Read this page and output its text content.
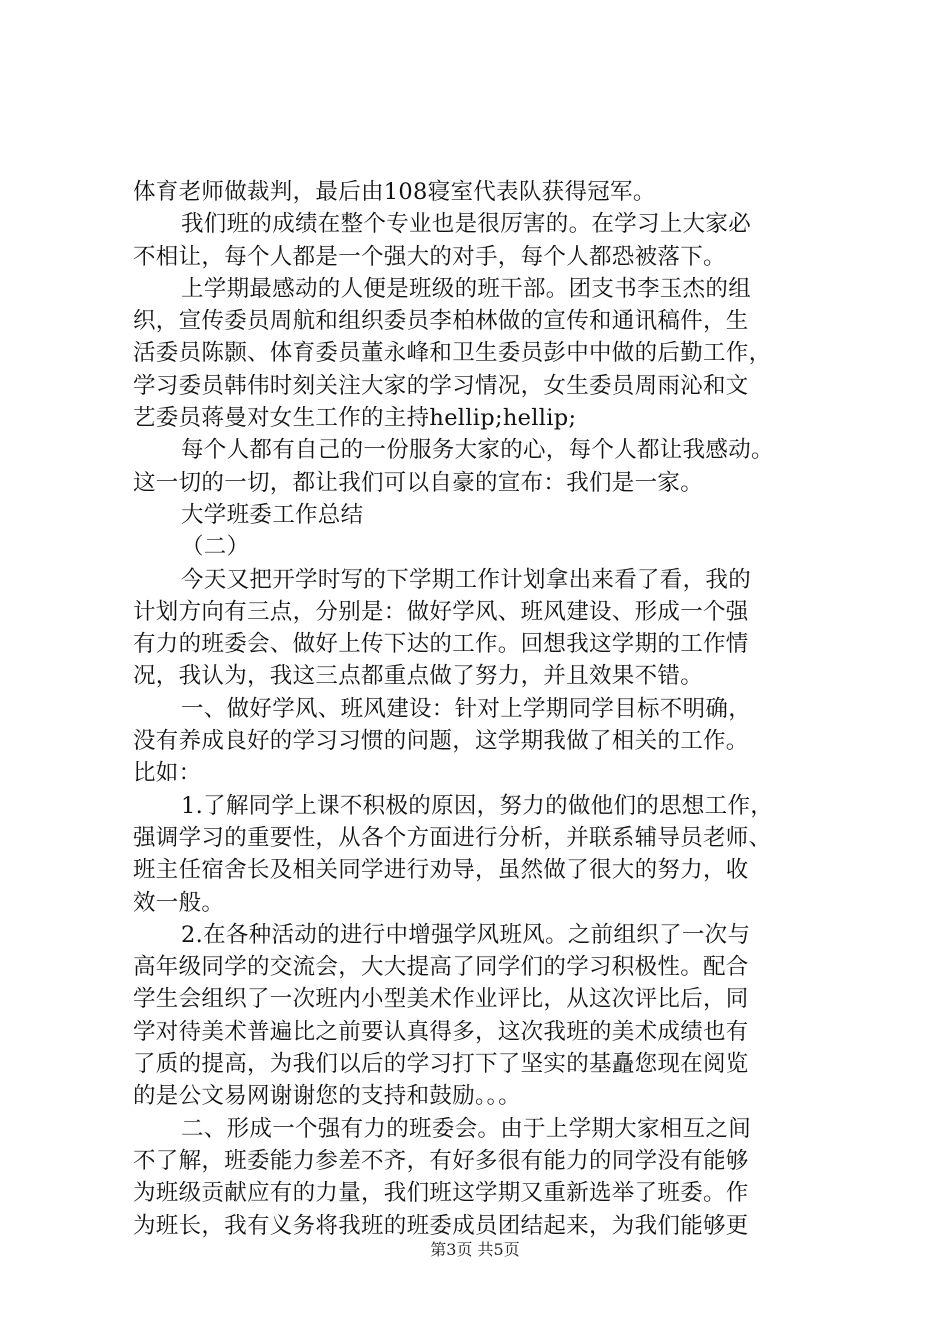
体育老师做裁判，最后由108寝室代表队获得冠军。
我们班的成绩在整个专业也是很厉害的。在学习上大家必
不相让，每个人都是一个强大的对手，每个人都恐被落下。
上学期最感动的人便是班级的班干部。团支书李玉杰的组
织，宣传委员周航和组织委员李柏林做的宣传和通讯稿件，生
活委员陈颢、体育委员董永峰和卫生委员彭中中做的后勤工作，
学习委员韩伟时刻关注大家的学习情况，女生委员周雨沁和文
艺委员蒋曼对女生工作的主持hellip;hellip;
每个人都有自己的一份服务大家的心，每个人都让我感动。
这一切的一切，都让我们可以自豪的宣布：我们是一家。
大学班委工作总结
（二）
今天又把开学时写的下学期工作计划拿出来看了看，我的
计划方向有三点，分别是：做好学风、班风建设、形成一个强
有力的班委会、做好上传下达的工作。回想我这学期的工作情
况，我认为，我这三点都重点做了努力，并且效果不错。
一、做好学风、班风建设：针对上学期同学目标不明确，
没有养成良好的学习习惯的问题，这学期我做了相关的工作。
比如：
1.了解同学上课不积极的原因，努力的做他们的思想工作，
强调学习的重要性，从各个方面进行分析，并联系辅导员老师、
班主任宿舍长及相关同学进行劝导，虽然做了很大的努力，收
效一般。
2.在各种活动的进行中增强学风班风。之前组织了一次与
高年级同学的交流会，大大提高了同学们的学习积极性。配合
学生会组织了一次班内小型美术作业评比，从这次评比后，同
学对待美术普遍比之前要认真得多，这次我班的美术成绩也有
了质的提高，为我们以后的学习打下了坚实的基矗您现在阅览
的是公文易网谢谢您的支持和鼓励。。。
二、形成一个强有力的班委会。由于上学期大家相互之间
不了解，班委能力参差不齐，有好多很有能力的同学没有能够
为班级贡献应有的力量，我们班这学期又重新选举了班委。作
为班长，我有义务将我班的班委成员团结起来，为我们能够更
第3页 共5页
